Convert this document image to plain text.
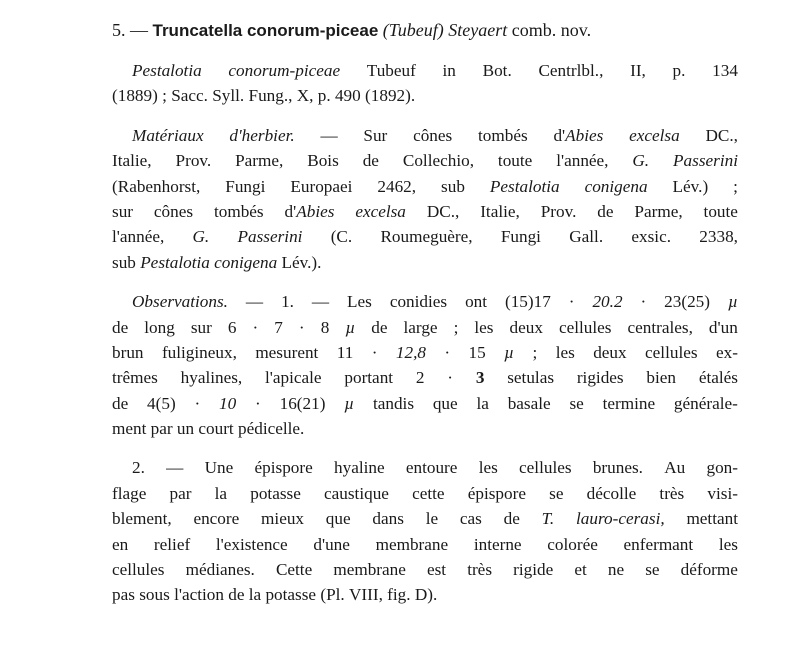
5. — Truncatella conorum-piceae (Tubeuf) Steyaert comb. nov.
Pestalotia conorum-piceae Tubeuf in Bot. Centrlbl., II, p. 134
(1889) ; Sacc. Syll. Fung., X, p. 490 (1892).
Matériaux d'herbier. — Sur cônes tombés d'Abies excelsa DC.,
Italie, Prov. Parme, Bois de Collechio, toute l'année, G. Passerini
(Rabenhorst, Fungi Europaei 2462, sub Pestalotia conigena Lév.) ;
sur cônes tombés d'Abies excelsa DC., Italie, Prov. de Parme, toute
l'année, G. Passerini (C. Roumeguère, Fungi Gall. exsic. 2338,
sub Pestalotia conigena Lév.).
Observations. — 1. — Les conidies ont (15)17 · 20.2 · 23(25) µ
de long sur 6 · 7 · 8 µ de large ; les deux cellules centrales, d'un
brun fuligineux, mesurent 11 · 12,8 · 15 µ ; les deux cellules ex-
trêmes hyalines, l'apicale portant 2 · 3 setulas rigides bien étalés
de 4(5) · 10 · 16(21) µ tandis que la basale se termine générale-
ment par un court pédicelle.
2. — Une épispore hyaline entoure les cellules brunes. Au gon-
flage par la potasse caustique cette épispore se décolle très visi-
blement, encore mieux que dans le cas de T. lauro-cerasi, mettant
en relief l'existence d'une membrane interne colorée enfermant les
cellules médianes. Cette membrane est très rigide et ne se déforme
pas sous l'action de la potasse (Pl. VIII, fig. D).
